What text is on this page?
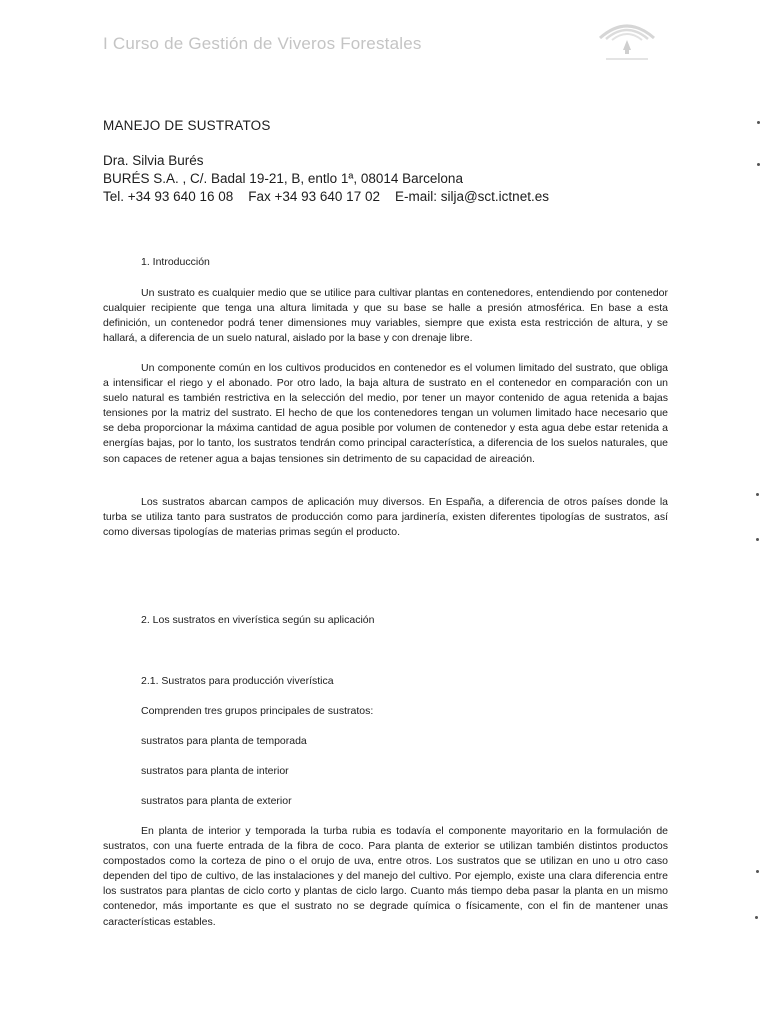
I Curso de Gestión de Viveros Forestales
MANEJO DE SUSTRATOS
Dra. Silvia Burés
BURÉS S.A. , C/. Badal 19-21, B, entlo 1ª, 08014 Barcelona
Tel. +34 93 640 16 08    Fax +34 93 640 17 02    E-mail: silja@sct.ictnet.es
1. Introducción

Un sustrato es cualquier medio que se utilice para cultivar plantas en contenedores, entendiendo por contenedor cualquier recipiente que tenga una altura limitada y que su base se halle a presión atmosférica. En base a esta definición, un contenedor podrá tener dimensiones muy variables, siempre que exista esta restricción de altura, y se hallará, a diferencia de un suelo natural, aislado por la base y con drenaje libre.

Un componente común en los cultivos producidos en contenedor es el volumen limitado del sustrato, que obliga a intensificar el riego y el abonado. Por otro lado, la baja altura de sustrato en el contenedor en comparación con un suelo natural es también restrictiva en la selección del medio, por tener un mayor contenido de agua retenida a bajas tensiones por la matriz del sustrato. El hecho de que los contenedores tengan un volumen limitado hace necesario que se deba proporcionar la máxima cantidad de agua posible por volumen de contenedor y esta agua debe estar retenida a energías bajas, por lo tanto, los sustratos tendrán como principal característica, a diferencia de los suelos naturales, que son capaces de retener agua a bajas tensiones sin detrimento de su capacidad de aireación.

Los sustratos abarcan campos de aplicación muy diversos. En España, a diferencia de otros países donde la turba se utiliza tanto para sustratos de producción como para jardinería, existen diferentes tipologías de sustratos, así como diversas tipologías de materias primas según el producto.

2. Los sustratos en viverística según su aplicación
2.1. Sustratos para producción viverística
Comprenden tres grupos principales de sustratos:
sustratos para planta de temporada
sustratos para planta de interior
sustratos para planta de exterior

En planta de interior y temporada la turba rubia es todavía el componente mayoritario en la formulación de sustratos, con una fuerte entrada de la fibra de coco. Para planta de exterior se utilizan también distintos productos compostados como la corteza de pino o el orujo de uva, entre otros. Los sustratos que se utilizan en uno u otro caso dependen del tipo de cultivo, de las instalaciones y del manejo del cultivo. Por ejemplo, existe una clara diferencia entre los sustratos para plantas de ciclo corto y plantas de ciclo largo. Cuanto más tiempo deba pasar la planta en un mismo contenedor, más importante es que el sustrato no se degrade química o físicamente, con el fin de mantener unas características estables.
